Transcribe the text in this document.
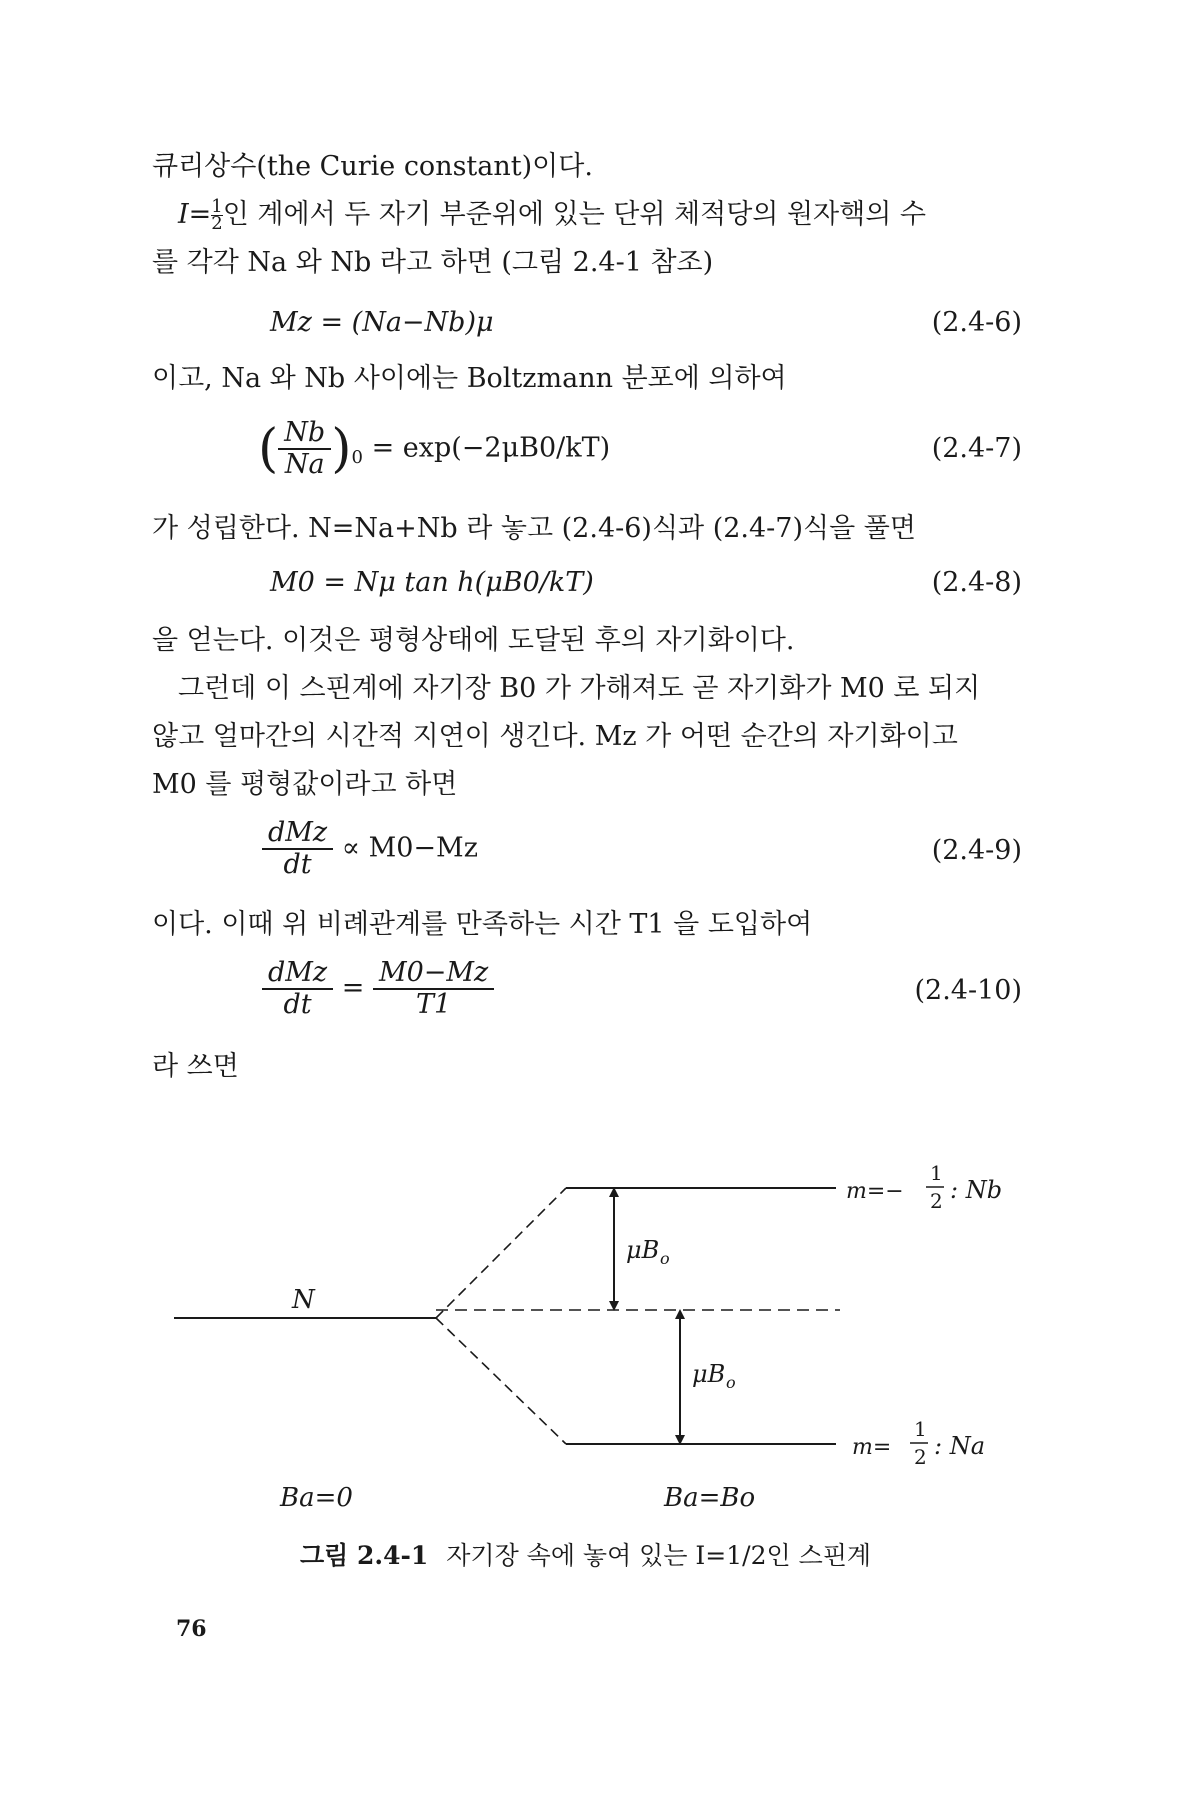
큐리상수(the Curie constant)이다.
$I= \frac{1}{2}$ 인 계에서 두 자기 부준위에 있는 단위 체적당의 원자핵의 수
를 각각 Na 와 Nb 라고 하면 (그림 2.4-1 참조)
Mz = (Na−Nb)μ	(2.4-6)
이고, Na 와 Nb 사이에는 Boltzmann 분포에 의하여
( $\frac{Nb}{Na} )_0 = \exp(-2\mu B0/kT)$	(2.4-7)
가 성립한다. N=Na+Nb 라 놓고 (2.4-6)식과 (2.4-7)식을 풀면
M0 = Nμ tan h(μB0/kT)	(2.4-8)
을 얻는다. 이것은 평형상태에 도달된 후의 자기화이다.
그런데 이 스핀계에 자기장 B0 가 가해져도 곧 자기화가 M0 로 되지
않고 얼마간의 시간적 지연이 생긴다. Mz 가 어떤 순간의 자기화이고
M0 를 평형값이라고 하면
$\frac{\text{dMz}}{dt} \propto M0-Mz$	(2.4-9)
이다. 이때 위 비례관계를 만족하는 시간 T1 을 도입하여
$\frac{\text{dMz}}{dt} = \frac{M0-Mz}{T1}$	(2.4-10)
라 쓰면
N
μB o
μB o
m=−
1
2 : Nb
m=
1
2 : Na
Ba=0	Ba=Bo
그림 2.4-1 자기장 속에 놓여 있는 I=1/2인 스핀계
76
